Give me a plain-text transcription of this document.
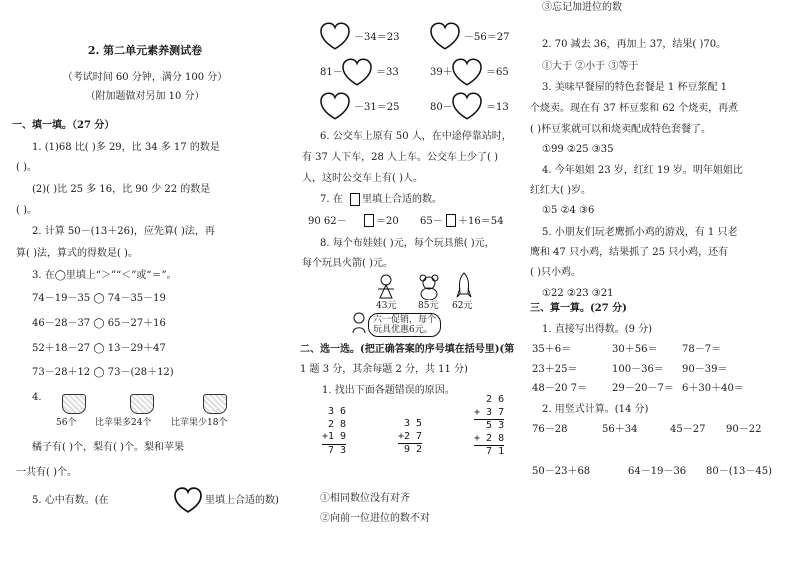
2. 第二单元素养测试卷
（考试时间 60 分钟，满分 100 分）
（附加题做对另加 10 分）
一、填一填。（27 分）
1. (1)68 比( )多 29，比 34 多 17 的数是
( )。
(2)( )比 25 多 16，比 90 少 22 的数是
( )。
2. 计算 50－(13＋26)，应先算( )法，再
算( )法，算式的得数是( )。
3. 在◯里填上“＞”“＜”或“＝”。
74－19－35 ◯ 74－35－19
46－28－37 ◯ 65－27＋16
52＋18－27 ◯ 13－29＋47
73－28＋12 ◯ 73－(28＋12)
4.
56个 比苹果多24个 比苹果少18个
橘子有( )个，梨有( )个。梨和苹果
一共有( )个。
5. 心中有数。(在	里填上合适的数)
－34＝23	－56＝27
81－	＝33	39＋	＝65
－31＝25	80－	＝13
6. 公交车上原有 50 人，在中途停靠站时，
有 37 人下车，28 人上车。公交车上少了( )
人，这时公交车上有( )人。
7. 在 里填上合适的数。
90 62－	＝20 65－ ＋16＝54
8. 每个布娃娃( )元，每个玩具熊( )元，
每个玩具火箭( )元。
43元 85元 62元
六一促销，每个
玩具优惠6元。
二、选一选。(把正确答案的序号填在括号里)(第
1 题 3 分，其余每题 2 分，共 11 分)
1. 找出下面各题错误的原因。
3 6
2 8
+1 9
7 3
3 5
+2 7
9 2
2 6
+ 3 7
5 3
+ 2 8
7 1
①相同数位没有对齐
②向前一位进位的数不对
③忘记加进位的数
2. 70 减去 36，再加上 37，结果( )70。
①大于 ②小于 ③等于
3. 美味早餐屋的特色套餐是 1 杯豆浆配 1
个烧卖。现在有 37 杯豆浆和 62 个烧卖，再煮
( )杯豆浆就可以和烧卖配成特色套餐了。
①99 ②25 ③35
4. 今年姐姐 23 岁，红红 19 岁。明年姐姐比
红红大( )岁。
①5 ②4 ③6
5. 小朋友们玩老鹰抓小鸡的游戏，有 1 只老
鹰和 47 只小鸡，结果抓了 25 只小鸡，还有
( )只小鸡。
①22 ②23 ③21
三、算一算。(27 分)
1. 直接写出得数。(9 分)
35＋6＝	30＋56＝ 78－7＝
23＋25＝	100－36＝ 90－39＝
48－20 7＝	29－20－7＝ 6＋30＋40＝
2. 用竖式计算。(14 分)
76－28	56＋34	45－27 90－22
50－23＋68	64－19－36 80－(13－45)
